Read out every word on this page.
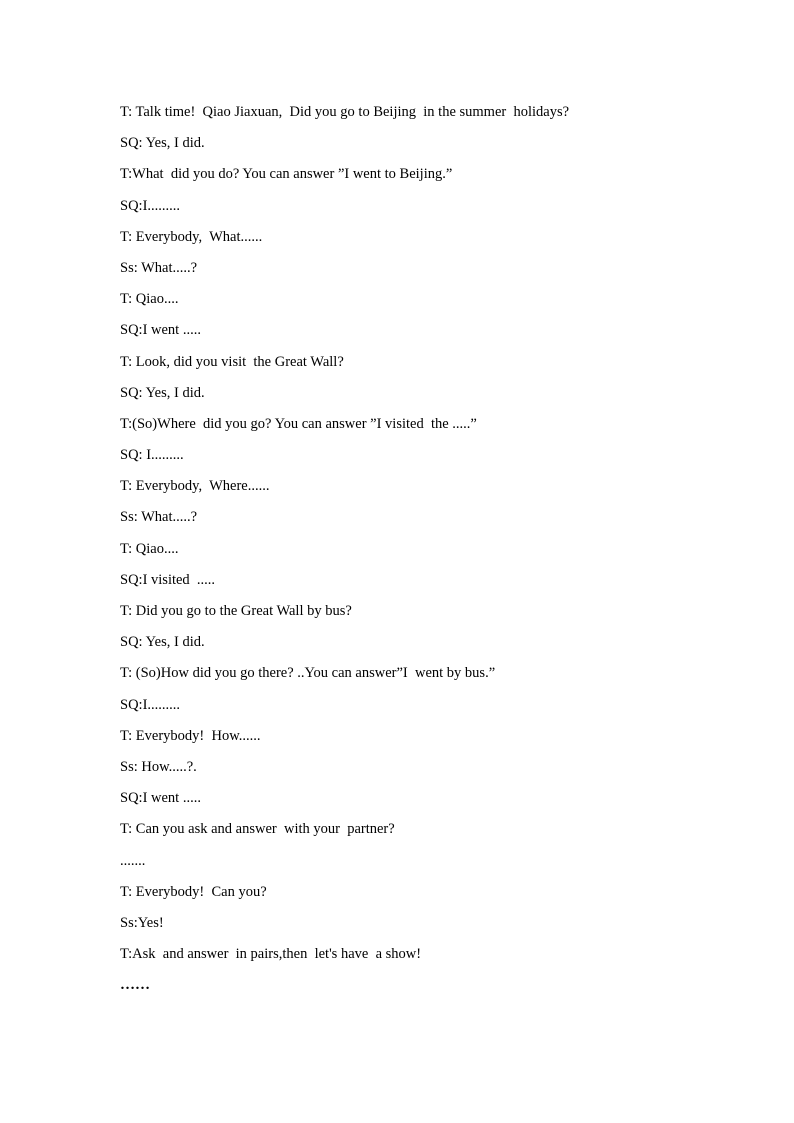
T: Talk time!  Qiao Jiaxuan,  Did you go to Beijing  in the summer  holidays?
SQ: Yes, I did.
T:What  did you do? You can answer ”I went to Beijing.”
SQ:I.........
T: Everybody,  What......
Ss: What.....?
T: Qiao....
SQ:I went .....
T: Look, did you visit  the Great Wall?
SQ: Yes, I did.
T:(So)Where  did you go? You can answer ”I visited  the .....”
SQ: I.........
T: Everybody,  Where......
Ss: What.....?
T: Qiao....
SQ:I visited  .....
T: Did you go to the Great Wall by bus?
SQ: Yes, I did.
T: (So)How did you go there? ..You can answer”I  went by bus.”
SQ:I.........
T: Everybody!  How......
Ss: How.....?.
SQ:I went .....
T: Can you ask and answer  with your  partner?
.......
T: Everybody!  Can you?
Ss:Yes!
T:Ask  and answer  in pairs,then  let's have  a show!
……
